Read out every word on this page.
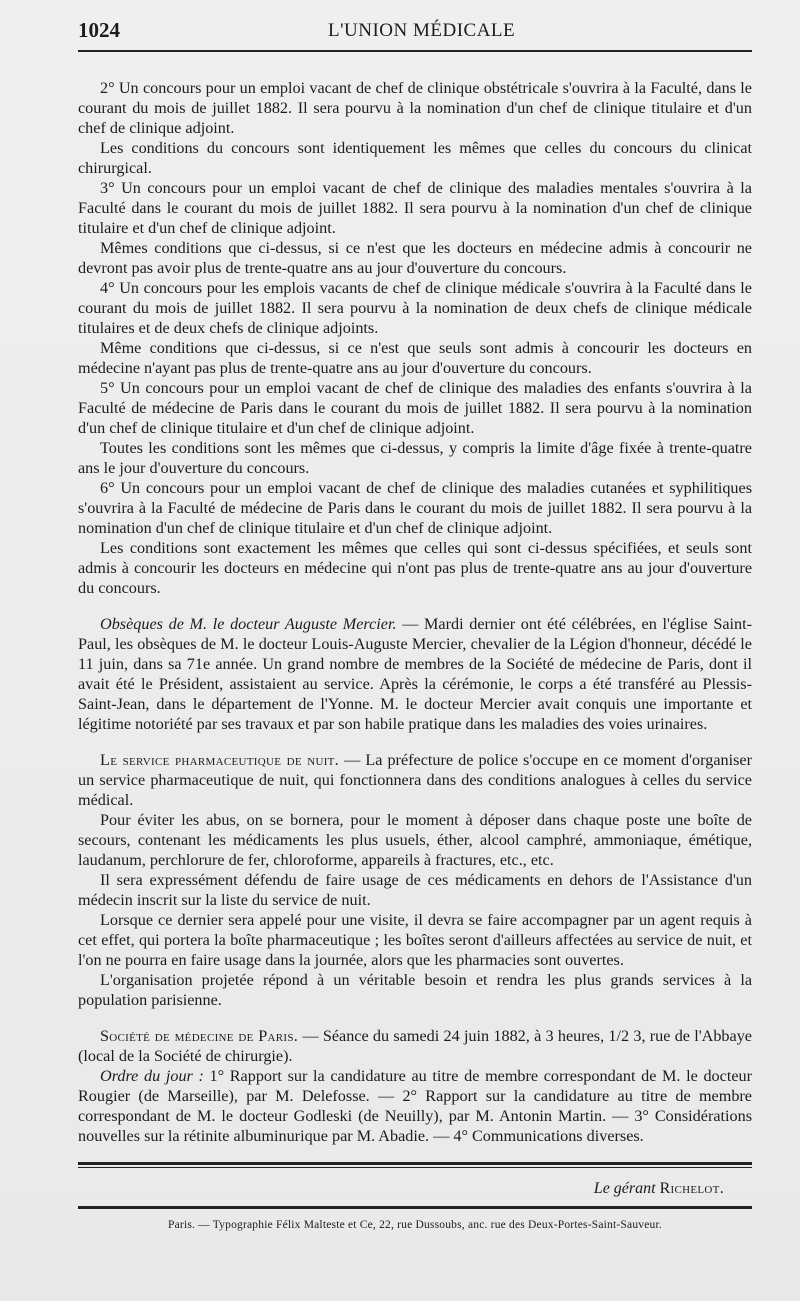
1024	L'UNION MÉDICALE

2° Un concours pour un emploi vacant de chef de clinique obstétricale s'ouvrira à la Faculté, dans le courant du mois de juillet 1882. Il sera pourvu à la nomination d'un chef de clinique titulaire et d'un chef de clinique adjoint.

Les conditions du concours sont identiquement les mêmes que celles du concours du clinicat chirurgical.

3° Un concours pour un emploi vacant de chef de clinique des maladies mentales s'ouvrira à la Faculté dans le courant du mois de juillet 1882. Il sera pourvu à la nomination d'un chef de clinique titulaire et d'un chef de clinique adjoint.

Mêmes conditions que ci-dessus, si ce n'est que les docteurs en médecine admis à concourir ne devront pas avoir plus de trente-quatre ans au jour d'ouverture du concours.

4° Un concours pour les emplois vacants de chef de clinique médicale s'ouvrira à la Faculté dans le courant du mois de juillet 1882. Il sera pourvu à la nomination de deux chefs de clinique médicale titulaires et de deux chefs de clinique adjoints.

Même conditions que ci-dessus, si ce n'est que seuls sont admis à concourir les docteurs en médecine n'ayant pas plus de trente-quatre ans au jour d'ouverture du concours.

5° Un concours pour un emploi vacant de chef de clinique des maladies des enfants s'ouvrira à la Faculté de médecine de Paris dans le courant du mois de juillet 1882. Il sera pourvu à la nomination d'un chef de clinique titulaire et d'un chef de clinique adjoint.

Toutes les conditions sont les mêmes que ci-dessus, y compris la limite d'âge fixée à trente-quatre ans le jour d'ouverture du concours.

6° Un concours pour un emploi vacant de chef de clinique des maladies cutanées et syphilitiques s'ouvrira à la Faculté de médecine de Paris dans le courant du mois de juillet 1882. Il sera pourvu à la nomination d'un chef de clinique titulaire et d'un chef de clinique adjoint.

Les conditions sont exactement les mêmes que celles qui sont ci-dessus spécifiées, et seuls sont admis à concourir les docteurs en médecine qui n'ont pas plus de trente-quatre ans au jour d'ouverture du concours.

Obsèques de M. le docteur Auguste Mercier. — Mardi dernier ont été célébrées, en l'église Saint-Paul, les obsèques de M. le docteur Louis-Auguste Mercier, chevalier de la Légion d'honneur, décédé le 11 juin, dans sa 71e année. Un grand nombre de membres de la Société de médecine de Paris, dont il avait été le Président, assistaient au service. Après la cérémonie, le corps a été transféré au Plessis-Saint-Jean, dans le département de l'Yonne. M. le docteur Mercier avait conquis une importante et légitime notoriété par ses travaux et par son habile pratique dans les maladies des voies urinaires.

Le service pharmaceutique de nuit. — La préfecture de police s'occupe en ce moment d'organiser un service pharmaceutique de nuit, qui fonctionnera dans des conditions analogues à celles du service médical.

Pour éviter les abus, on se bornera, pour le moment à déposer dans chaque poste une boîte de secours, contenant les médicaments les plus usuels, éther, alcool camphré, ammoniaque, émétique, laudanum, perchlorure de fer, chloroforme, appareils à fractures, etc., etc.

Il sera expressément défendu de faire usage de ces médicaments en dehors de l'Assistance d'un médecin inscrit sur la liste du service de nuit.

Lorsque ce dernier sera appelé pour une visite, il devra se faire accompagner par un agent requis à cet effet, qui portera la boîte pharmaceutique ; les boîtes seront d'ailleurs affectées au service de nuit, et l'on ne pourra en faire usage dans la journée, alors que les pharmacies sont ouvertes.

L'organisation projetée répond à un véritable besoin et rendra les plus grands services à la population parisienne.

Société de médecine de Paris. — Séance du samedi 24 juin 1882, à 3 heures, 1/2 3, rue de l'Abbaye (local de la Société de chirurgie).

Ordre du jour : 1° Rapport sur la candidature au titre de membre correspondant de M. le docteur Rougier (de Marseille), par M. Delefosse. — 2° Rapport sur la candidature au titre de membre correspondant de M. le docteur Godleski (de Neuilly), par M. Antonin Martin. — 3° Considérations nouvelles sur la rétinite albuminurique par M. Abadie. — 4° Communications diverses.

Le gérant Richelot.
Paris. — Typographie Félix Malteste et Ce, 22, rue Dussoubs, anc. rue des Deux-Portes-Saint-Sauveur.
